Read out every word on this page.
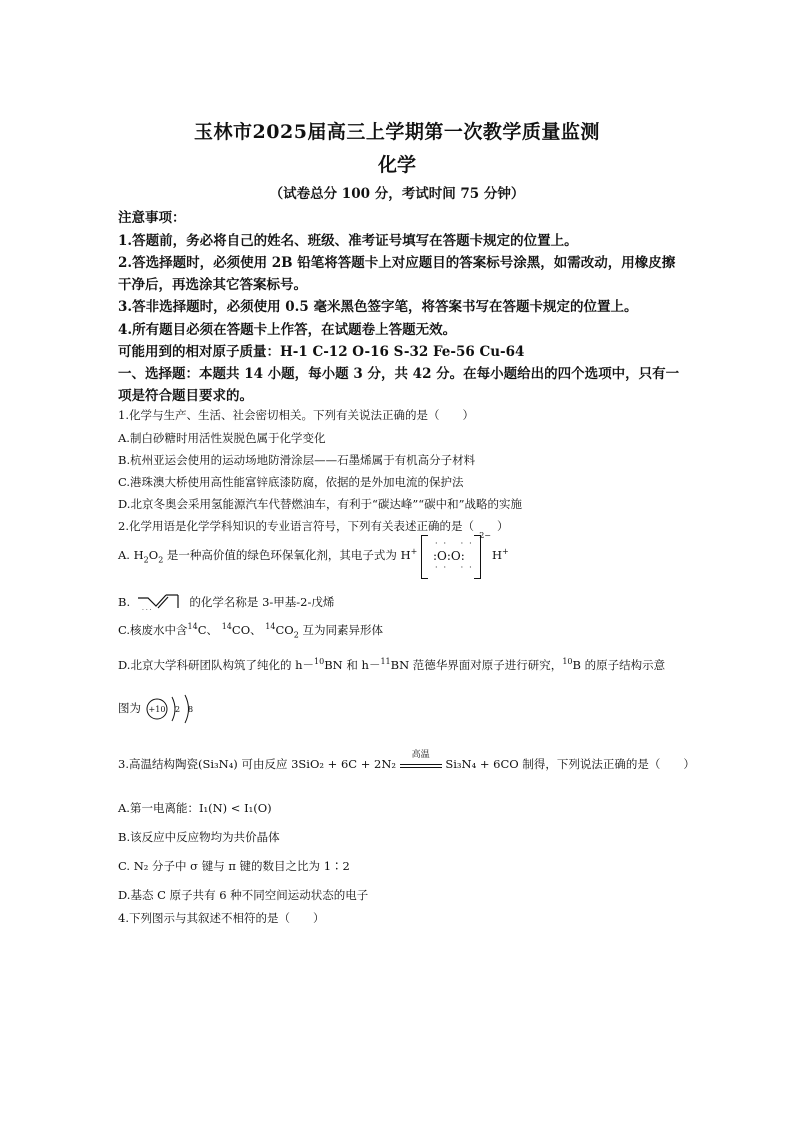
玉林市2025届高三上学期第一次教学质量监测
化学
（试卷总分 100 分，考试时间 75 分钟）
注意事项：
1.答题前，务必将自己的姓名、班级、准考证号填写在答题卡规定的位置上。
2.答选择题时，必须使用 2B 铅笔将答题卡上对应题目的答案标号涂黑，如需改动，用橡皮擦
干净后，再选涂其它答案标号。
3.答非选择题时，必须使用 0.5 毫米黑色签字笔，将答案书写在答题卡规定的位置上。
4.所有题目必须在答题卡上作答，在试题卷上答题无效。
可能用到的相对原子质量：H-1 C-12 O-16 S-32 Fe-56 Cu-64
一、选择题：本题共 14 小题，每小题 3 分，共 42 分。在每小题给出的四个选项中，只有一
项是符合题目要求的。
1.化学与生产、生活、社会密切相关。下列有关说法正确的是（　　）
A.制白砂糖时用活性炭脱色属于化学变化
B.杭州亚运会使用的运动场地防滑涂层——石墨烯属于有机高分子材料
C.港珠澳大桥使用高性能富锌底漆防腐，依据的是外加电流的保护法
D.北京冬奥会采用氢能源汽车代替燃油车，有利于“碳达峰”“碳中和”战略的实施
2.化学用语是化学学科知识的专业语言符号，下列有关表述正确的是（　　）
A. $H_2O_2$ 是一种高价值的绿色环保氧化剂，其电子式为 H+
·· ··
:O:O:
·· ··
2−
H+
B.
· · ·
的化学名称是 3-甲基-2-戊烯
C.核废水中含$^{14}$C、 $^{14}$CO、 $^{14}CO_2$ 互为同素异形体
D.北京大学科研团队构筑了纯化的 h－$^{10}$BN 和 h－$^{11}$BN 范德华界面对原子进行研究，$^{10}$B 的原子结构示意
图为 +10 2 8
3.高温结构陶瓷(Si₃N₄) 可由反应 3SiO₂ + 6C + 2N₂
高温
Si₃N₄ + 6CO 制得，下列说法正确的是（　　）
A.第一电离能：I₁(N) < I₁(O)
B.该反应中反应物均为共价晶体
C. N₂ 分子中 σ 键与 π 键的数目之比为 1∶2
D.基态 C 原子共有 6 种不同空间运动状态的电子
4.下列图示与其叙述不相符的是（　　）
